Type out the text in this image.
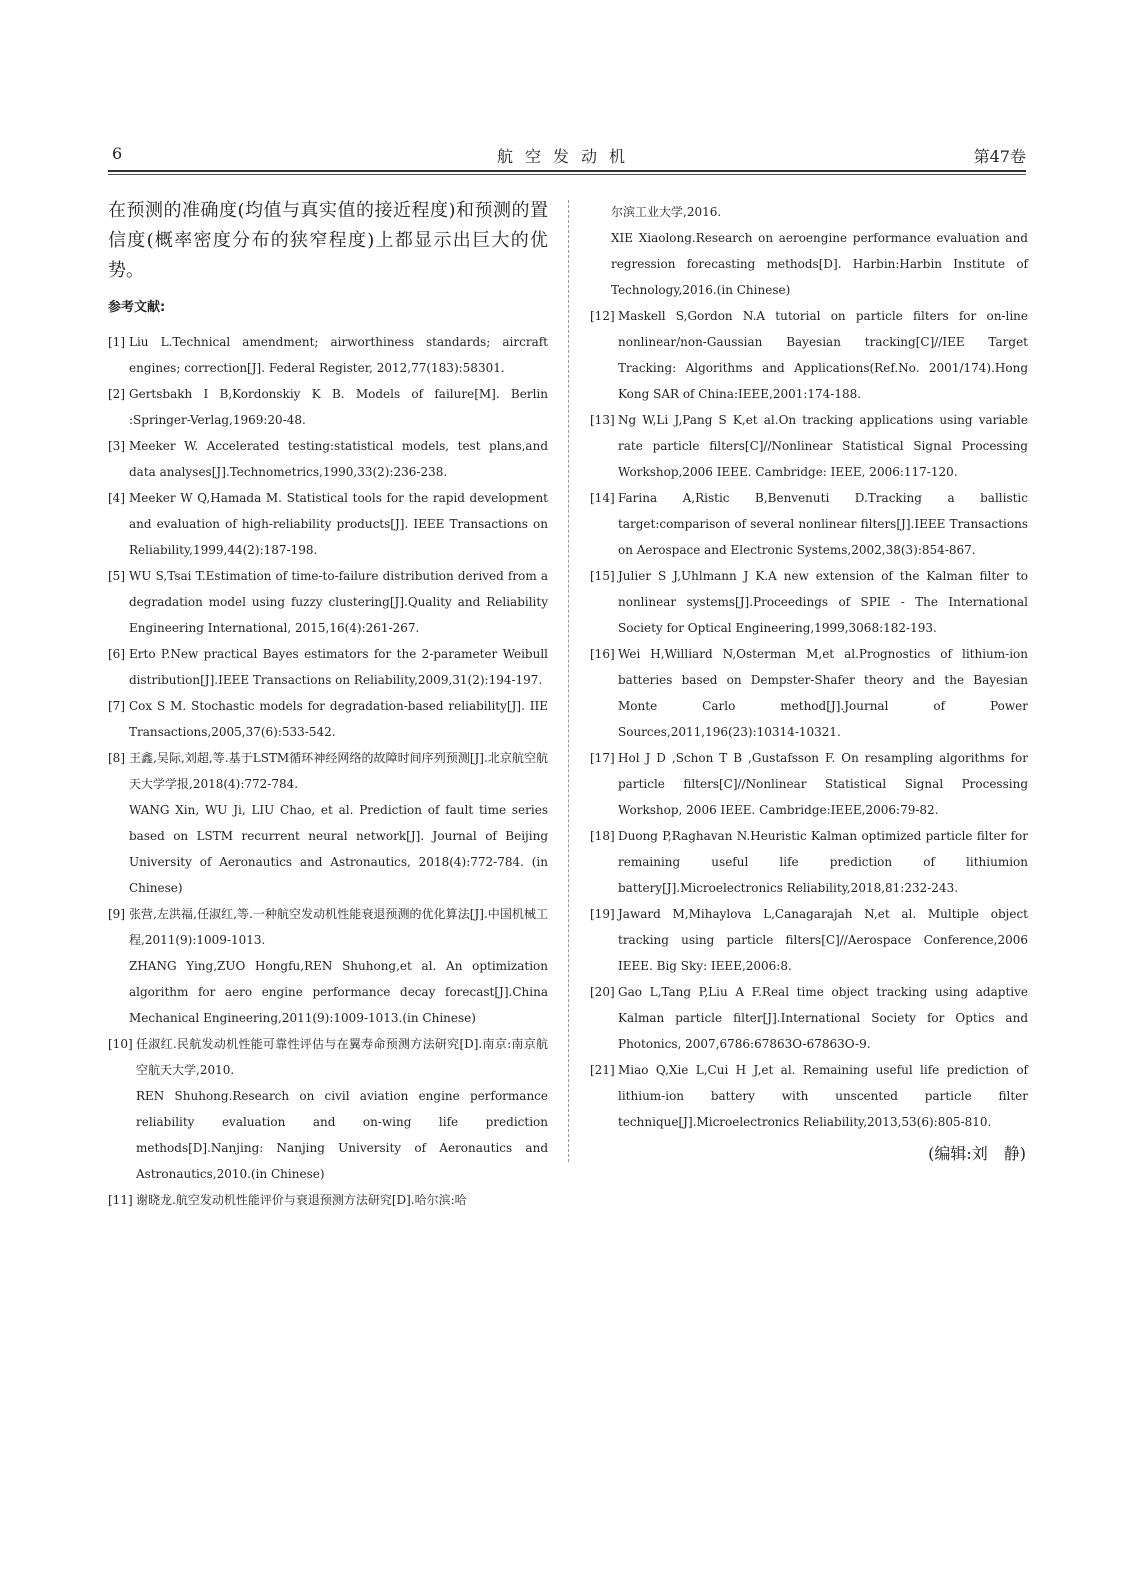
6	航空发动机	第47卷

在预测的准确度(均值与真实值的接近程度)和预测的置信度(概率密度分布的狭窄程度)上都显示出巨大的优势。

参考文献:
[1] Liu L.Technical amendment; airworthiness standards; aircraft engines; correction[J]. Federal Register, 2012,77(183):58301.
[2] Gertsbakh I B,Kordonskiy K B. Models of failure[M]. Berlin :Springer-Verlag,1969:20-48.
[3] Meeker W. Accelerated testing:statistical models, test plans,and data analyses[J].Technometrics,1990,33(2):236-238.
[4] Meeker W Q,Hamada M. Statistical tools for the rapid development and evaluation of high-reliability products[J]. IEEE Transactions on Reliability,1999,44(2):187-198.
[5] WU S,Tsai T.Estimation of time-to-failure distribution derived from a degradation model using fuzzy clustering[J].Quality and Reliability Engineering International, 2015,16(4):261-267.
[6] Erto P.New practical Bayes estimators for the 2-parameter Weibull distribution[J].IEEE Transactions on Reliability,2009,31(2):194-197.
[7] Cox S M. Stochastic models for degradation-based reliability[J]. IIE Transactions,2005,37(6):533-542.
[8] 王鑫,吴际,刘超,等.基于LSTM循环神经网络的故障时间序列预测[J].北京航空航天大学学报,2018(4):772-784.
WANG Xin, WU Ji, LIU Chao, et al. Prediction of fault time series based on LSTM recurrent neural network[J]. Journal of Beijing University of Aeronautics and Astronautics, 2018(4):772-784. (in Chinese)
[9] 张营,左洪福,任淑红,等.一种航空发动机性能衰退预测的优化算法[J].中国机械工程,2011(9):1009-1013.
ZHANG Ying,ZUO Hongfu,REN Shuhong,et al. An optimization algorithm for aero engine performance decay forecast[J].China Mechanical Engineering,2011(9):1009-1013.(in Chinese)
[10] 任淑红.民航发动机性能可靠性评估与在翼寿命预测方法研究[D].南京:南京航空航天大学,2010.
REN Shuhong.Research on civil aviation engine performance reliability evaluation and on-wing life prediction methods[D].Nanjing: Nanjing University of Aeronautics and Astronautics,2010.(in Chinese)
[11] 谢晓龙.航空发动机性能评价与衰退预测方法研究[D].哈尔滨:哈
尔滨工业大学,2016.
XIE Xiaolong.Research on aeroengine performance evaluation and regression forecasting methods[D]. Harbin:Harbin Institute of Technology,2016.(in Chinese)
[12] Maskell S,Gordon N.A tutorial on particle filters for on-line nonlinear/non-Gaussian Bayesian tracking[C]//IEE Target Tracking: Algorithms and Applications(Ref.No. 2001/174).Hong Kong SAR of China:IEEE,2001:174-188.
[13] Ng W,Li J,Pang S K,et al.On tracking applications using variable rate particle filters[C]//Nonlinear Statistical Signal Processing Workshop,2006 IEEE. Cambridge: IEEE, 2006:117-120.
[14] Farina A,Ristic B,Benvenuti D.Tracking a ballistic target:comparison of several nonlinear filters[J].IEEE Transactions on Aerospace and Electronic Systems,2002,38(3):854-867.
[15] Julier S J,Uhlmann J K.A new extension of the Kalman filter to nonlinear systems[J].Proceedings of SPIE - The International Society for Optical Engineering,1999,3068:182-193.
[16] Wei H,Williard N,Osterman M,et al.Prognostics of lithium-ion batteries based on Dempster-Shafer theory and the Bayesian Monte Carlo method[J].Journal of Power Sources,2011,196(23):10314-10321.
[17] Hol J D ,Schon T B ,Gustafsson F. On resampling algorithms for particle filters[C]//Nonlinear Statistical Signal Processing Workshop, 2006 IEEE. Cambridge:IEEE,2006:79-82.
[18] Duong P,Raghavan N.Heuristic Kalman optimized particle filter for remaining useful life prediction of lithiumion battery[J].Microelectronics Reliability,2018,81:232-243.
[19] Jaward M,Mihaylova L,Canagarajah N,et al. Multiple object tracking using particle filters[C]//Aerospace Conference,2006 IEEE. Big Sky: IEEE,2006:8.
[20] Gao L,Tang P,Liu A F.Real time object tracking using adaptive Kalman particle filter[J].International Society for Optics and Photonics, 2007,6786:67863O-67863O-9.
[21] Miao Q,Xie L,Cui H J,et al. Remaining useful life prediction of lithium-ion battery with unscented particle filter technique[J].Microelectronics Reliability,2013,53(6):805-810.
(编辑:刘　静)
